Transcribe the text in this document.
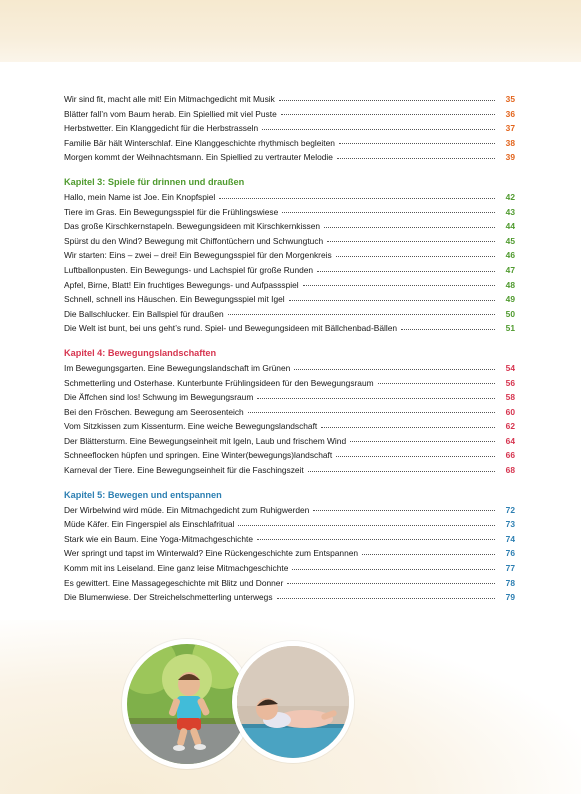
Wir sind fit, macht alle mit! Ein Mitmachgedicht mit Musik	35
Blätter fall’n vom Baum herab. Ein Spiellied mit viel Puste	36
Herbstwetter. Ein Klanggedicht für die Herbstrasseln	37
Familie Bär hält Winterschlaf. Eine Klanggeschichte rhythmisch begleiten	38
Morgen kommt der Weihnachtsmann. Ein Spiellied zu vertrauter Melodie	39
Kapitel 3: Spiele für drinnen und draußen
Hallo, mein Name ist Joe. Ein Knopfspiel	42
Tiere im Gras. Ein Bewegungsspiel für die Frühlingswiese	43
Das große Kirschkernstapeln. Bewegungsideen mit Kirschkernkissen	44
Spürst du den Wind? Bewegung mit Chiffontüchern und Schwungtuch	45
Wir starten: Eins – zwei – drei! Ein Bewegungsspiel für den Morgenkreis	46
Luftballonpusten. Ein Bewegungs- und Lachspiel für große Runden	47
Apfel, Birne, Blatt! Ein fruchtiges Bewegungs- und Aufpassspiel	48
Schnell, schnell ins Häuschen. Ein Bewegungsspiel mit Igel	49
Die Ballschlucker. Ein Ballspiel für draußen	50
Die Welt ist bunt, bei uns geht’s rund. Spiel- und Bewegungsideen mit Bällchenbad-Bällen	51
Kapitel 4: Bewegungslandschaften
Im Bewegungsgarten. Eine Bewegungslandschaft im Grünen	54
Schmetterling und Osterhase. Kunterbunte Frühlingsideen für den Bewegungsraum	56
Die Äffchen sind los! Schwung im Bewegungsraum	58
Bei den Fröschen. Bewegung am Seerosenteich	60
Vom Sitzkissen zum Kissenturm. Eine weiche Bewegungslandschaft	62
Der Blättersturm. Eine Bewegungseinheit mit Igeln, Laub und frischem Wind	64
Schneeflocken hüpfen und springen. Eine Winter(bewegungs)landschaft	66
Karneval der Tiere. Eine Bewegungseinheit für die Faschingszeit	68
Kapitel 5: Bewegen und entspannen
Der Wirbelwind wird müde. Ein Mitmachgedicht zum Ruhigwerden	72
Müde Käfer. Ein Fingerspiel als Einschlafritual	73
Stark wie ein Baum. Eine Yoga-Mitmachgeschichte	74
Wer springt und tapst im Winterwald? Eine Rückengeschichte zum Entspannen	76
Komm mit ins Leiseland. Eine ganz leise Mitmachgeschichte	77
Es gewittert. Eine Massagegeschichte mit Blitz und Donner	78
Die Blumenwiese. Der Streichelschmetterling unterwegs	79
